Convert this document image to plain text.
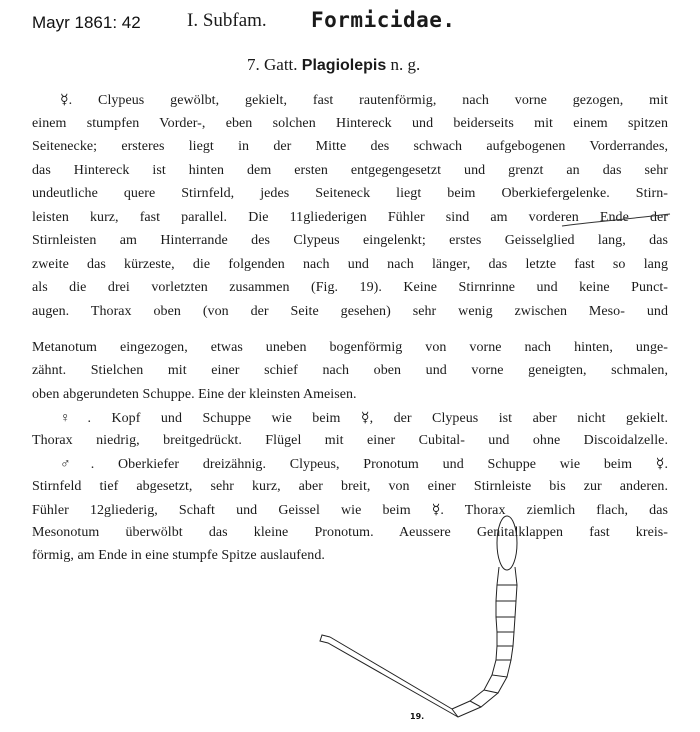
Mayr 1861: 42 I. Subfam. Formicidae.
7. Gatt. Plagiolepis n. g.
☿. Clypeus gewölbt, gekielt, fast rautenförmig, nach vorne gezogen, mit
einem stumpfen Vorder-, eben solchen Hintereck und beiderseits mit einem spitzen
Seitenecke; ersteres liegt in der Mitte des schwach aufgebogenen Vorderrandes,
das Hintereck ist hinten dem ersten entgegengesetzt und grenzt an das sehr
undeutliche quere Stirnfeld, jedes Seiteneck liegt beim Oberkiefergelenke. Stirn-
leisten kurz, fast parallel. Die 11gliederigen Fühler sind am vorderen Ende der
Stirnleisten am Hinterrande des Clypeus eingelenkt; erstes Geisselglied lang, das
zweite das kürzeste, die folgenden nach und nach länger, das letzte fast so lang
als die drei vorletzten zusammen (Fig. 19). Keine Stirnrinne und keine Punct-
augen. Thorax oben (von der Seite gesehen) sehr wenig zwischen Meso- und
Metanotum eingezogen, etwas uneben bogenförmig von vorne nach hinten, unge-
zähnt. Stielchen mit einer schief nach oben und vorne geneigten, schmalen,
oben abgerundeten Schuppe. Eine der kleinsten Ameisen.
♀. Kopf und Schuppe wie beim ☿, der Clypeus ist aber nicht gekielt.
Thorax niedrig, breitgedrückt. Flügel mit einer Cubital- und ohne Discoidalzelle.
♂. Oberkiefer dreizähnig. Clypeus, Pronotum und Schuppe wie beim ☿.
Stirnfeld tief abgesetzt, sehr kurz, aber breit, von einer Stirnleiste bis zur anderen.
Fühler 12gliederig, Schaft und Geissel wie beim ☿. Thorax ziemlich flach, das
Mesonotum überwölbt das kleine Pronotum. Aeussere Genitalklappen fast kreis-
förmig, am Ende in eine stumpfe Spitze auslaufend.
19.
